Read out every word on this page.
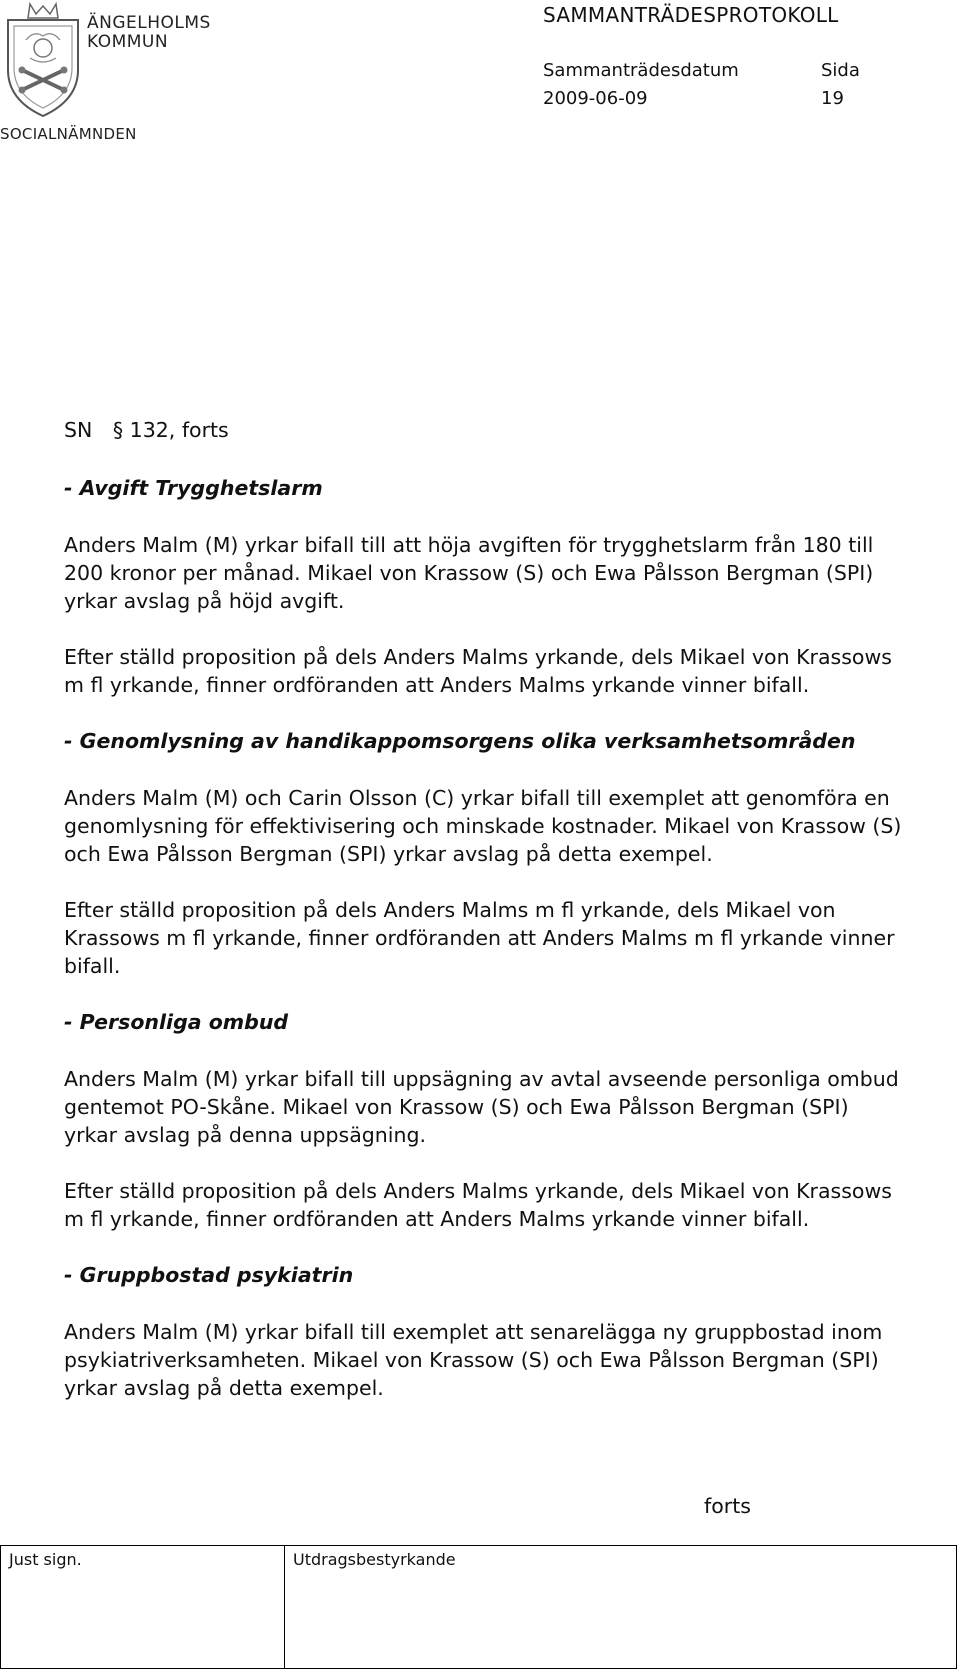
ÄNGELHOLMS
KOMMUN
SOCIALNÄMNDEN
SAMMANTRÄDESPROTOKOLL
Sammanträdesdatum	Sida
2009-06-09	19
SN § 132, forts
- Avgift Trygghetslarm
Anders Malm (M) yrkar bifall till att höja avgiften för trygghetslarm från 180 till 200 kronor per månad. Mikael von Krassow (S) och Ewa Pålsson Bergman (SPI) yrkar avslag på höjd avgift.
Efter ställd proposition på dels Anders Malms yrkande, dels Mikael von Krassows m fl yrkande, finner ordföranden att Anders Malms yrkande vinner bifall.
- Genomlysning av handikappomsorgens olika verksamhetsområden
Anders Malm (M) och Carin Olsson (C) yrkar bifall till exemplet att genomföra en genomlysning för effektivisering och minskade kostnader. Mikael von Krassow (S) och Ewa Pålsson Bergman (SPI) yrkar avslag på detta exempel.
Efter ställd proposition på dels Anders Malms m fl yrkande, dels Mikael von Krassows m fl yrkande, finner ordföranden att Anders Malms m fl yrkande vinner bifall.
- Personliga ombud
Anders Malm (M) yrkar bifall till uppsägning av avtal avseende personliga ombud gentemot PO-Skåne. Mikael von Krassow (S) och Ewa Pålsson Bergman (SPI) yrkar avslag på denna uppsägning.
Efter ställd proposition på dels Anders Malms yrkande, dels Mikael von Krassows m fl yrkande, finner ordföranden att Anders Malms yrkande vinner bifall.
- Gruppbostad psykiatrin
Anders Malm (M) yrkar bifall till exemplet att senarelägga ny gruppbostad inom psykiatriverksamheten. Mikael von Krassow (S) och Ewa Pålsson Bergman (SPI) yrkar avslag på detta exempel.
forts
Just sign.	Utdragsbestyrkande
